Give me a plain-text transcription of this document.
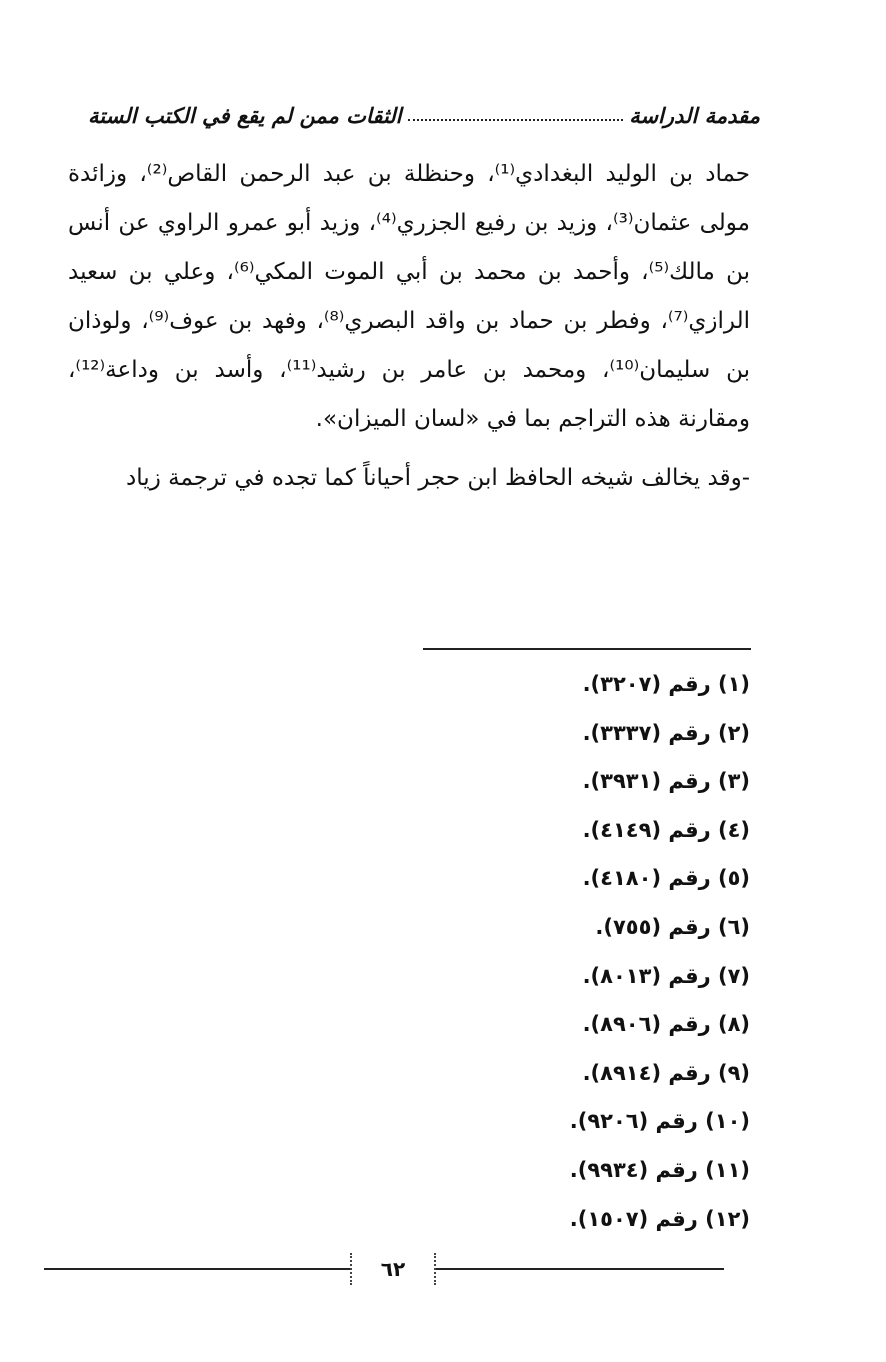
مقدمة الدراسة
الثقات ممن لم يقع في الكتب الستة

حماد بن الوليد البغدادي⁽¹⁾، وحنظلة بن عبد الرحمن القاص⁽²⁾، وزائدة مولى عثمان⁽³⁾، وزيد بن رفيع الجزري⁽⁴⁾، وزيد أبو عمرو الراوي عن أنس بن مالك⁽⁵⁾، وأحمد بن محمد بن أبي الموت المكي⁽⁶⁾، وعلي بن سعيد الرازي⁽⁷⁾، وفطر بن حماد بن واقد البصري⁽⁸⁾، وفهد بن عوف⁽⁹⁾، ولوذان بن سليمان⁽¹⁰⁾، ومحمد بن عامر بن رشيد⁽¹¹⁾، وأسد بن وداعة⁽¹²⁾، ومقارنة هذه التراجم بما في «لسان الميزان».

-وقد يخالف شيخه الحافظ ابن حجر أحياناً كما تجده في ترجمة زياد

(١) رقم (٣٢٠٧).
(٢) رقم (٣٣٣٧).
(٣) رقم (٣٩٣١).
(٤) رقم (٤١٤٩).
(٥) رقم (٤١٨٠).
(٦) رقم (٧٥٥).
(٧) رقم (٨٠١٣).
(٨) رقم (٨٩٠٦).
(٩) رقم (٨٩١٤).
(١٠) رقم (٩٢٠٦).
(١١) رقم (٩٩٣٤).
(١٢) رقم (١٥٠٧).
٦٢
